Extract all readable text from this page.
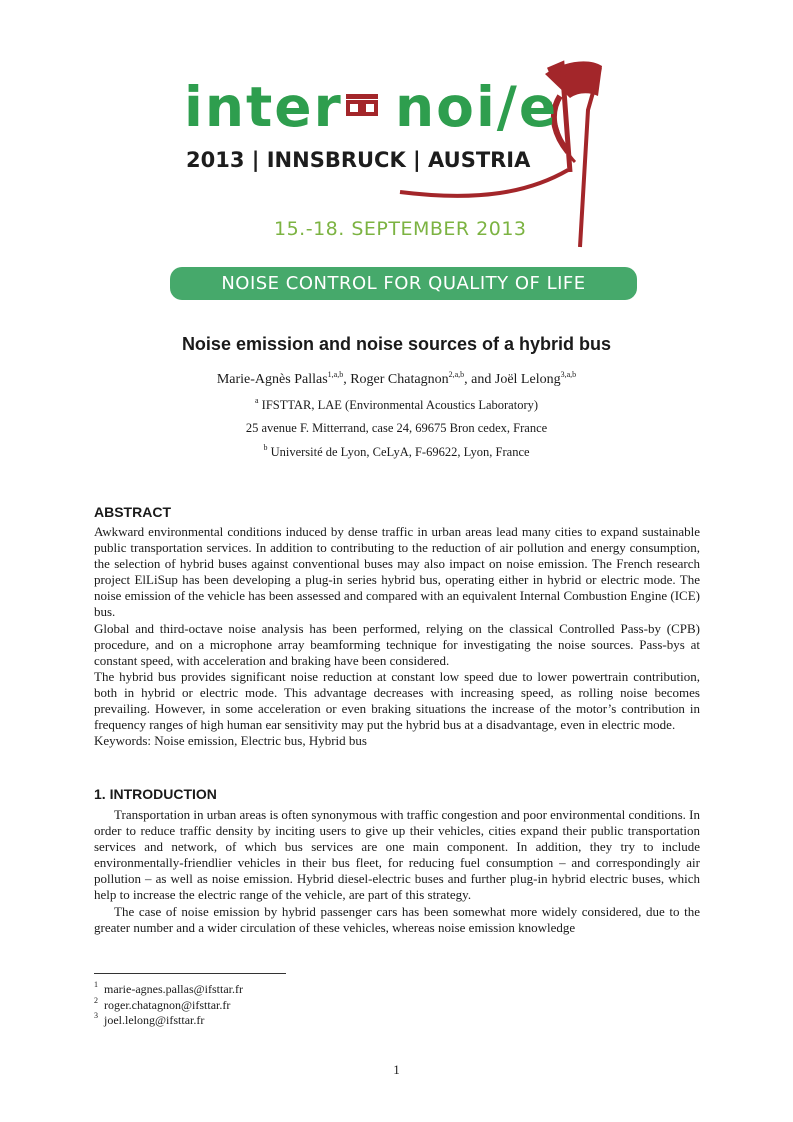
inter noi/e
2013 | INNSBRUCK | AUSTRIA
15.-18. SEPTEMBER 2013
NOISE CONTROL FOR QUALITY OF LIFE
Noise emission and noise sources of a hybrid bus
Marie-Agnès Pallas$^{1,a,b}$, Roger Chatagnon$^{2,a,b}$, and Joël Lelong$^{3,a,b}$
$^a$ IFSTTAR, LAE (Environmental Acoustics Laboratory)
25 avenue F. Mitterrand, case 24, 69675 Bron cedex, France
$^b$ Université de Lyon, CeLyA, F-69622, Lyon, France
ABSTRACT

Awkward environmental conditions induced by dense traffic in urban areas lead many cities to expand sustainable public transportation services. In addition to contributing to the reduction of air pollution and energy consumption, the selection of hybrid buses against conventional buses may also impact on noise emission. The French research project ElLiSup has been developing a plug-in series hybrid bus, operating either in hybrid or electric mode. The noise emission of the vehicle has been assessed and compared with an equivalent Internal Combustion Engine (ICE) bus.

Global and third-octave noise analysis has been performed, relying on the classical Controlled Pass-by (CPB) procedure, and on a microphone array beamforming technique for investigating the noise sources. Pass-bys at constant speed, with acceleration and braking have been considered.

The hybrid bus provides significant noise reduction at constant low speed due to lower powertrain contribution, both in hybrid or electric mode. This advantage decreases with increasing speed, as rolling noise becomes prevailing. However, in some acceleration or even braking situations the increase of the motor’s contribution in frequency ranges of high human ear sensitivity may put the hybrid bus at a disadvantage, even in electric mode.

Keywords: Noise emission, Electric bus, Hybrid bus

1. INTRODUCTION

Transportation in urban areas is often synonymous with traffic congestion and poor environmental conditions. In order to reduce traffic density by inciting users to give up their vehicles, cities expand their public transportation services and network, of which bus services are one main component. In addition, they try to include environmentally-friendlier vehicles in their bus fleet, for reducing fuel consumption – and correspondingly air pollution – as well as noise emission. Hybrid diesel-electric buses and further plug-in hybrid electric buses, which help to increase the electric range of the vehicle, are part of this strategy.

The case of noise emission by hybrid passenger cars has been somewhat more widely considered, due to the greater number and a wider circulation of these vehicles, whereas noise emission knowledge

$^1$ marie-agnes.pallas@ifsttar.fr
$^2$ roger.chatagnon@ifsttar.fr
$^3$ joel.lelong@ifsttar.fr
1
